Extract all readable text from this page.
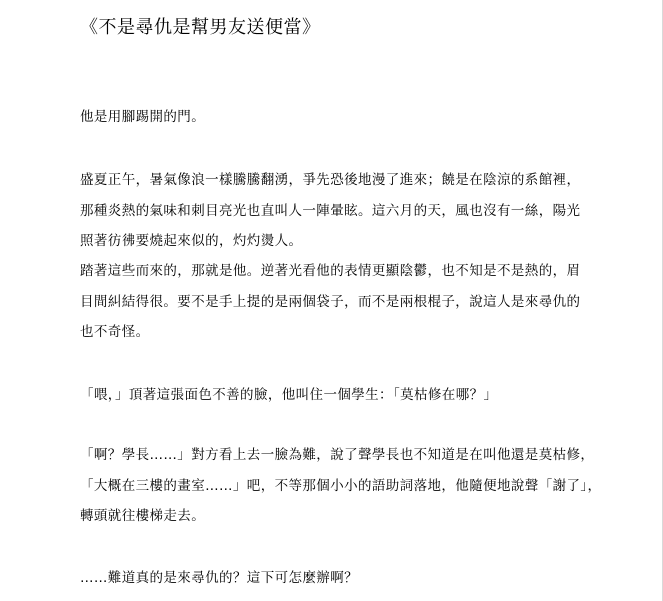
《不是尋仇是幫男友送便當》

他是用腳踢開的門。

盛夏正午，暑氣像浪一樣騰騰翻湧，爭先恐後地漫了進來；饒是在陰涼的系館裡，
那種炎熱的氣味和刺目亮光也直叫人一陣暈眩。這六月的天，風也沒有一絲，陽光
照著彷彿要燒起來似的，灼灼燙人。

踏著這些而來的，那就是他。逆著光看他的表情更顯陰鬱，也不知是不是熱的，眉
目間糾結得很。要不是手上提的是兩個袋子，而不是兩根棍子，說這人是來尋仇的
也不奇怪。

「喂，」頂著這張面色不善的臉，他叫住一個學生：「莫枯修在哪？」

「啊？學長……」對方看上去一臉為難，說了聲學長也不知道是在叫他還是莫枯修，
「大概在三樓的畫室……」吧，不等那個小小的語助詞落地，他隨便地說聲「謝了」，
轉頭就往樓梯走去。

……難道真的是來尋仇的？這下可怎麼辦啊？
